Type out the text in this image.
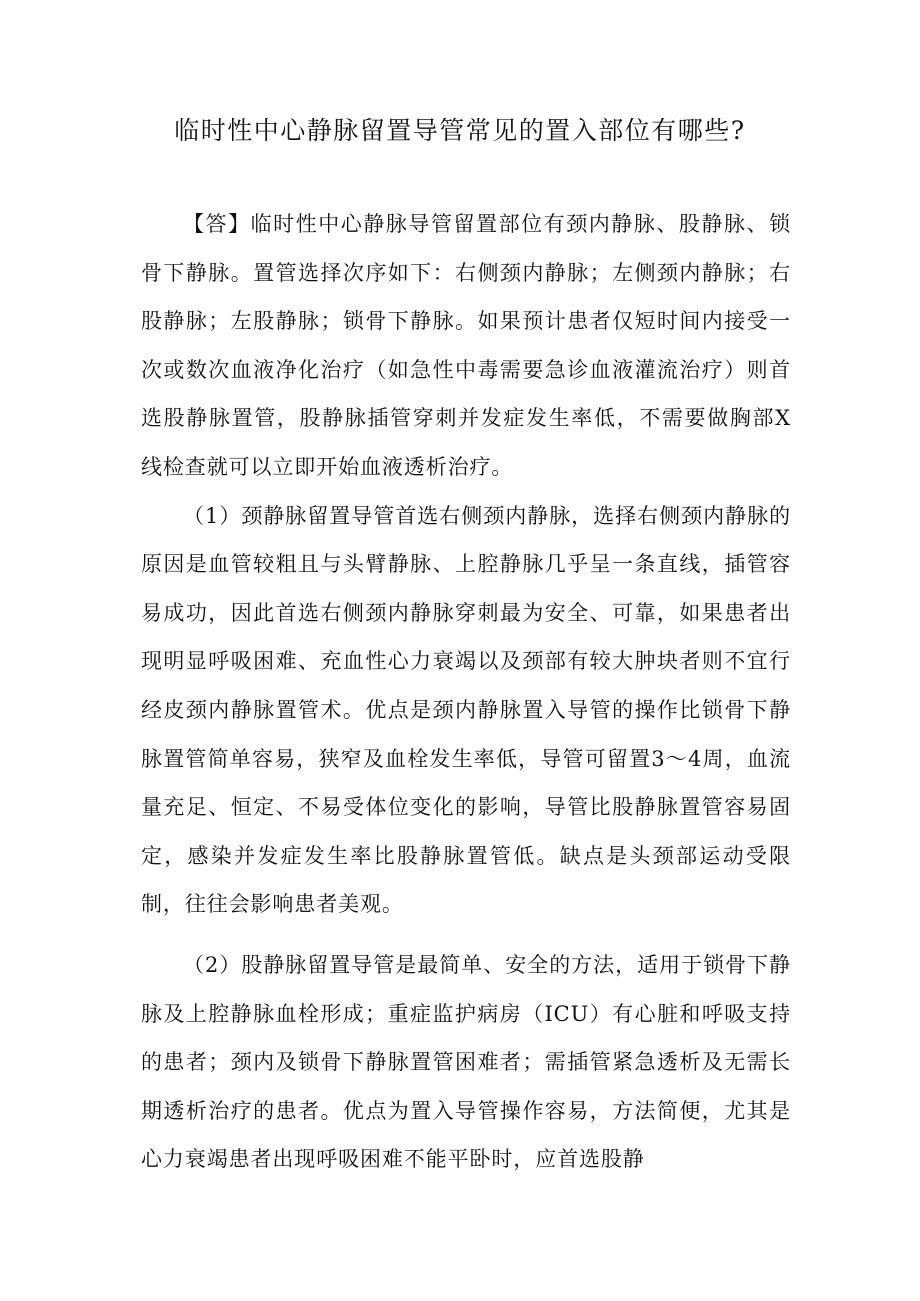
临时性中心静脉留置导管常见的置入部位有哪些?

【答】临时性中心静脉导管留置部位有颈内静脉、股静脉、锁骨下静脉。置管选择次序如下：右侧颈内静脉；左侧颈内静脉；右股静脉；左股静脉；锁骨下静脉。如果预计患者仅短时间内接受一次或数次血液净化治疗（如急性中毒需要急诊血液灌流治疗）则首选股静脉置管，股静脉插管穿刺并发症发生率低，不需要做胸部X线检查就可以立即开始血液透析治疗。

（1）颈静脉留置导管首选右侧颈内静脉，选择右侧颈内静脉的原因是血管较粗且与头臂静脉、上腔静脉几乎呈一条直线，插管容易成功，因此首选右侧颈内静脉穿刺最为安全、可靠，如果患者出现明显呼吸困难、充血性心力衰竭以及颈部有较大肿块者则不宜行经皮颈内静脉置管术。优点是颈内静脉置入导管的操作比锁骨下静脉置管简单容易，狭窄及血栓发生率低，导管可留置3～4周，血流量充足、恒定、不易受体位变化的影响，导管比股静脉置管容易固定，感染并发症发生率比股静脉置管低。缺点是头颈部运动受限制，往往会影响患者美观。

（2）股静脉留置导管是最简单、安全的方法，适用于锁骨下静脉及上腔静脉血栓形成；重症监护病房（ICU）有心脏和呼吸支持的患者；颈内及锁骨下静脉置管困难者；需插管紧急透析及无需长期透析治疗的患者。优点为置入导管操作容易，方法简便，尤其是心力衰竭患者出现呼吸困难不能平卧时，应首选股静
